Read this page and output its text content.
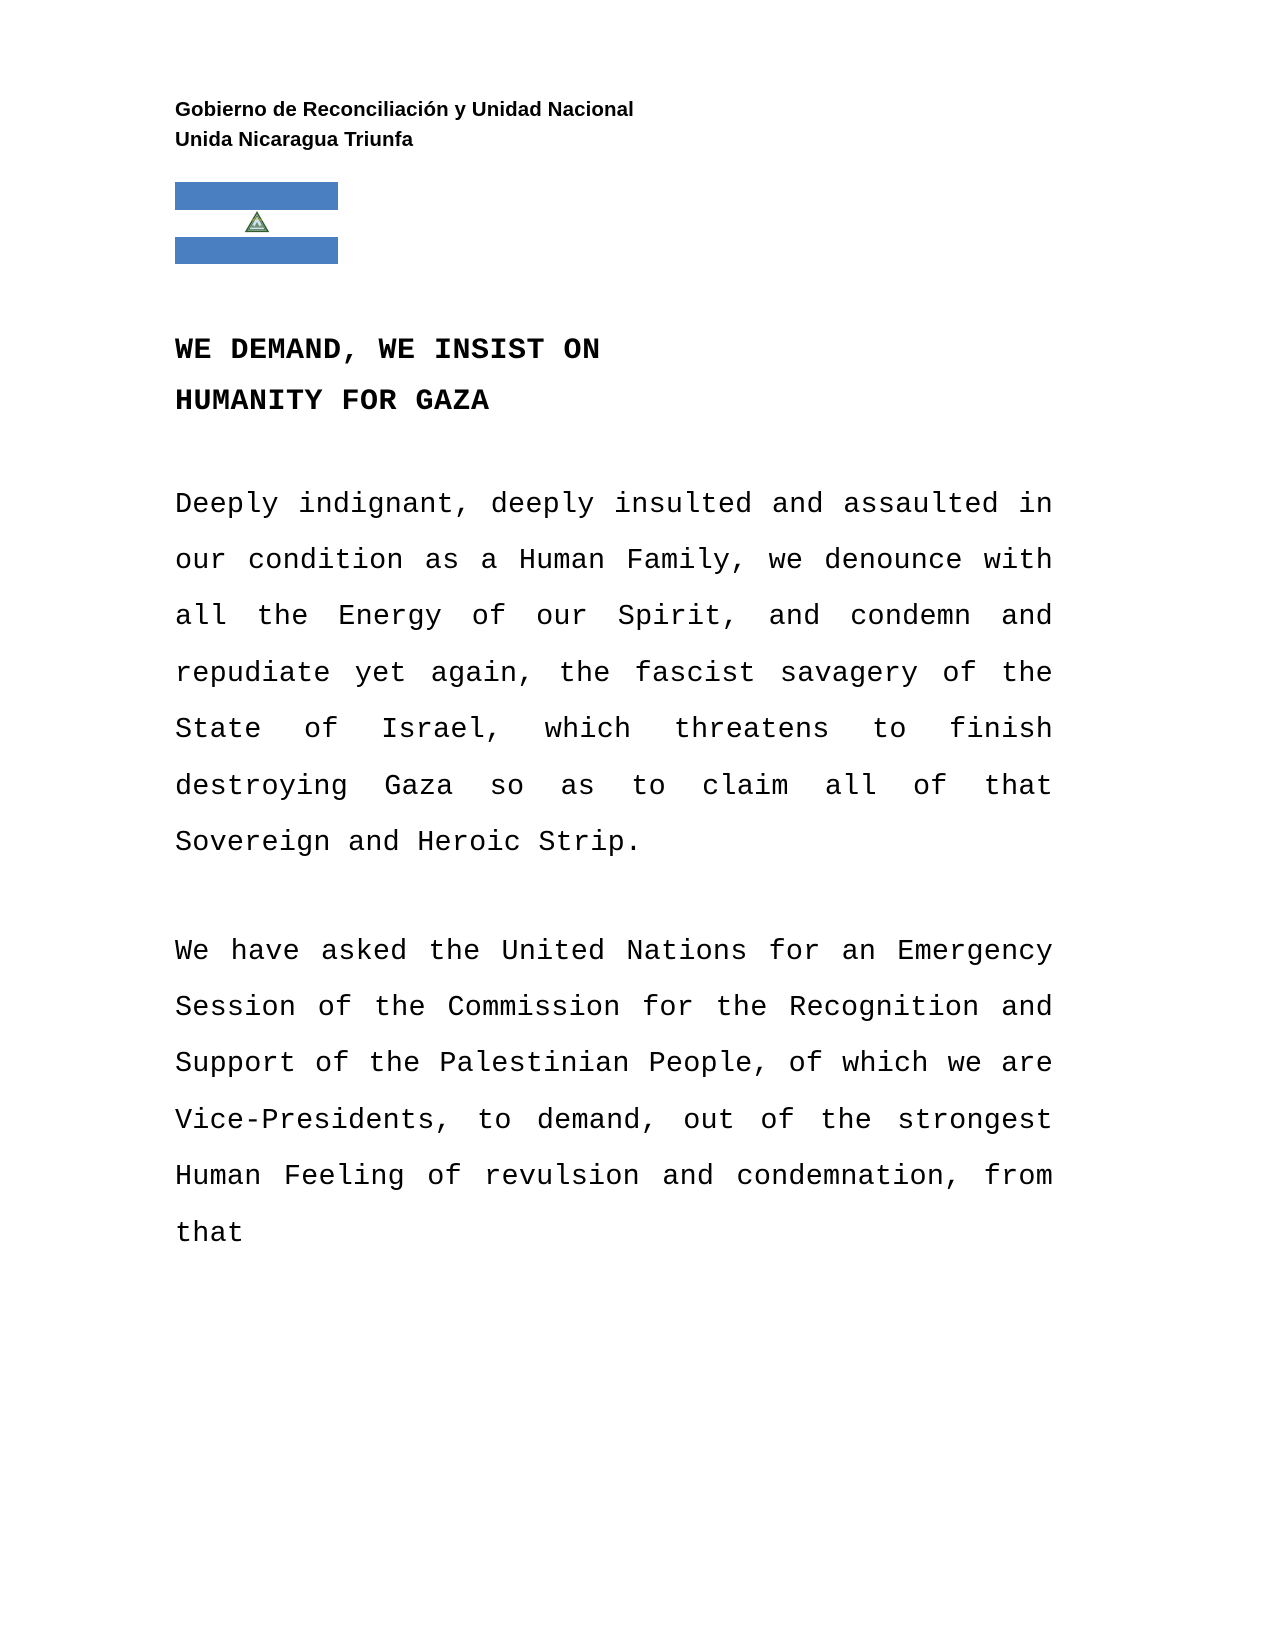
Gobierno de Reconciliación y Unidad Nacional
Unida Nicaragua Triunfa
WE DEMAND, WE INSIST ON
HUMANITY FOR GAZA

Deeply indignant, deeply insulted and assaulted in our condition as a Human Family, we denounce with all the Energy of our Spirit, and condemn and repudiate yet again, the fascist savagery of the State of Israel, which threatens to finish destroying Gaza so as to claim all of that Sovereign and Heroic Strip.

We have asked the United Nations for an Emergency Session of the Commission for the Recognition and Support of the Palestinian People, of which we are Vice-Presidents, to demand, out of the strongest Human Feeling of revulsion and condemnation, from that
